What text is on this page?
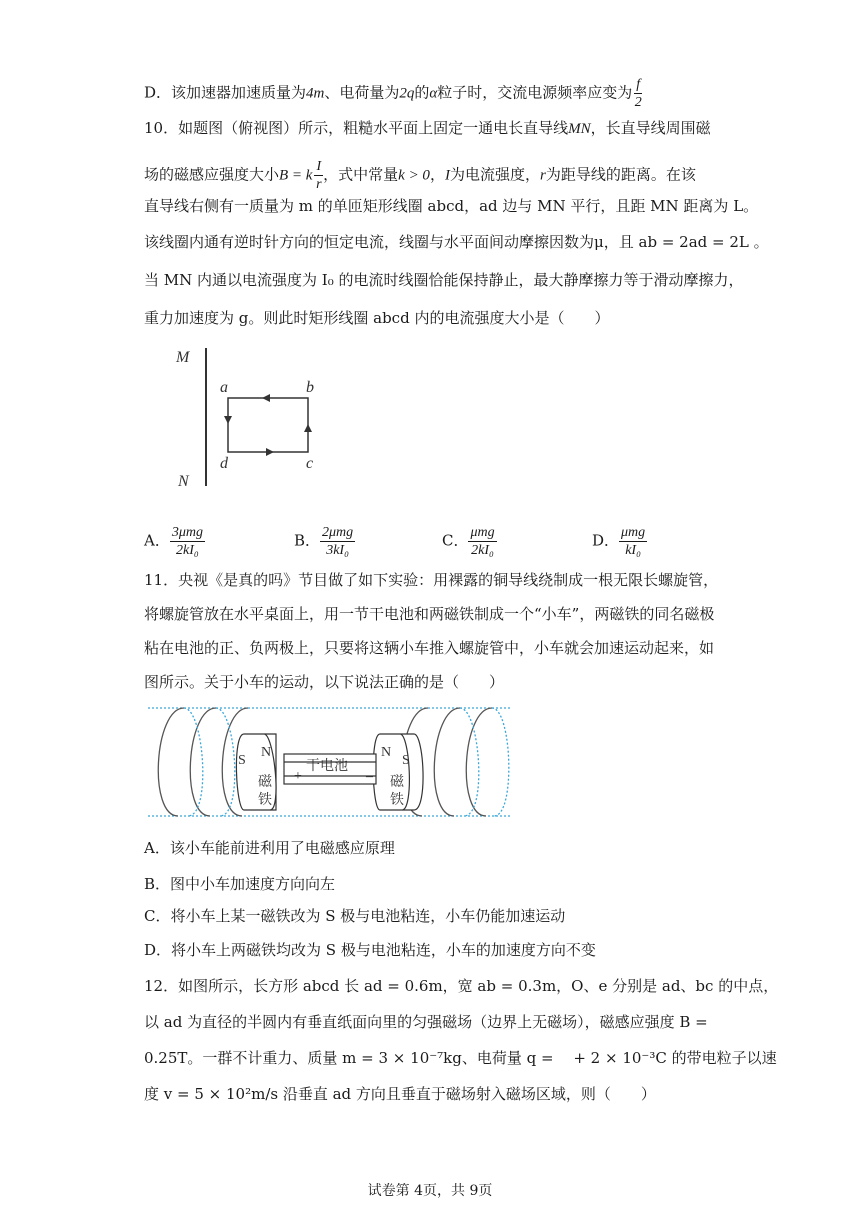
D．该加速器加速质量为4m、电荷量为2q的α粒子时，交流电源频率应变为 $\frac{f}{2}$
10．如题图（俯视图）所示，粗糙水平面上固定一通电长直导线MN，长直导线周围磁
场的磁感应强度大小B = k $\frac{I}{r}$ ，式中常量k > 0，I为电流强度，r为距导线的距离。在该
直导线右侧有一质量为 m 的单匝矩形线圈 abcd，ad 边与 MN 平行，且距 MN 距离为 L。
该线圈内通有逆时针方向的恒定电流，线圈与水平面间动摩擦因数为μ，且 ab = 2ad = 2L 。
当 MN 内通以电流强度为 I₀ 的电流时线圈恰能保持静止，最大静摩擦力等于滑动摩擦力，
重力加速度为 g。则此时矩形线圈 abcd 内的电流强度大小是（　　）
M
N
a	b
d	c
A． $\frac{\text{3μmg}}{\text{2kI₀}}$	B． $\frac{\text{2μmg}}{\text{3kI₀}}$	C． $\frac{\text{μmg}}{\text{2kI₀}}$	D． $\frac{\text{μmg}}{\text{kI₀}}$
11．央视《是真的吗》节目做了如下实验：用裸露的铜导线绕制成一根无限长螺旋管，
将螺旋管放在水平桌面上，用一节干电池和两磁铁制成一个“小车”，两磁铁的同名磁极
粘在电池的正、负两极上，只要将这辆小车推入螺旋管中，小车就会加速运动起来，如
图所示。关于小车的运动，以下说法正确的是（　　）
S
N
磁
铁
+
干电池
–
N
S
磁
铁
A．该小车能前进利用了电磁感应原理
B．图中小车加速度方向向左
C．将小车上某一磁铁改为 S 极与电池粘连，小车仍能加速运动
D．将小车上两磁铁均改为 S 极与电池粘连，小车的加速度方向不变
12．如图所示，长方形 abcd 长 ad = 0.6m，宽 ab = 0.3m，O、e 分别是 ad、bc 的中点，
以 ad 为直径的半圆内有垂直纸面向里的匀强磁场（边界上无磁场），磁感应强度 B =
0.25T。一群不计重力、质量 m = 3 × 10⁻⁷kg、电荷量 q = 　+ 2 × 10⁻³C 的带电粒子以速
度 v = 5 × 10²m/s 沿垂直 ad 方向且垂直于磁场射入磁场区域，则（　　）
试卷第 4页，共 9页
